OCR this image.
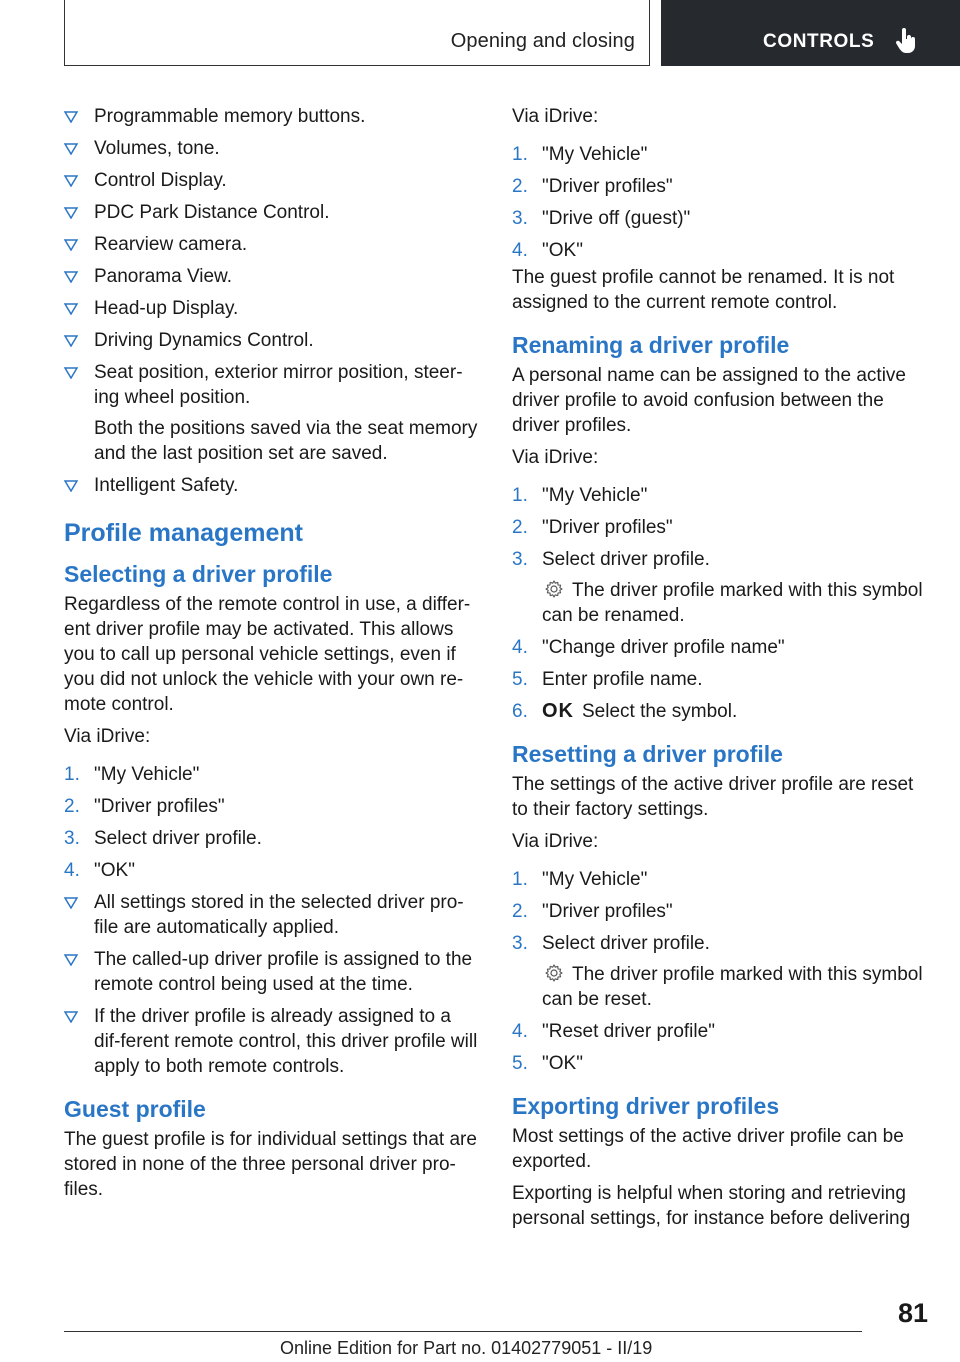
Opening and closing	CONTROLS
Programmable memory buttons.
Volumes, tone.
Control Display.
PDC Park Distance Control.
Rearview camera.
Panorama View.
Head-up Display.
Driving Dynamics Control.
Seat position, exterior mirror position, steer-ing wheel position.
Both the positions saved via the seat memory and the last position set are saved.
Intelligent Safety.
Profile management
Selecting a driver profile
Regardless of the remote control in use, a differ-ent driver profile may be activated. This allows you to call up personal vehicle settings, even if you did not unlock the vehicle with your own re-mote control.
Via iDrive:
1. "My Vehicle"
2. "Driver profiles"
3. Select driver profile.
4. "OK"
All settings stored in the selected driver pro-file are automatically applied.
The called-up driver profile is assigned to the remote control being used at the time.
If the driver profile is already assigned to a dif-ferent remote control, this driver profile will apply to both remote controls.
Guest profile
The guest profile is for individual settings that are stored in none of the three personal driver pro-files.
Via iDrive:
1. "My Vehicle"
2. "Driver profiles"
3. "Drive off (guest)"
4. "OK"
The guest profile cannot be renamed. It is not assigned to the current remote control.
Renaming a driver profile
A personal name can be assigned to the active driver profile to avoid confusion between the driver profiles.
Via iDrive:
1. "My Vehicle"
2. "Driver profiles"
3. Select driver profile.
The driver profile marked with this symbol can be renamed.
4. "Change driver profile name"
5. Enter profile name.
6. OK Select the symbol.
Resetting a driver profile
The settings of the active driver profile are reset to their factory settings.
Via iDrive:
1. "My Vehicle"
2. "Driver profiles"
3. Select driver profile.
The driver profile marked with this symbol can be reset.
4. "Reset driver profile"
5. "OK"
Exporting driver profiles
Most settings of the active driver profile can be exported.
Exporting is helpful when storing and retrieving personal settings, for instance before delivering
81
Online Edition for Part no. 01402779051 - II/19
